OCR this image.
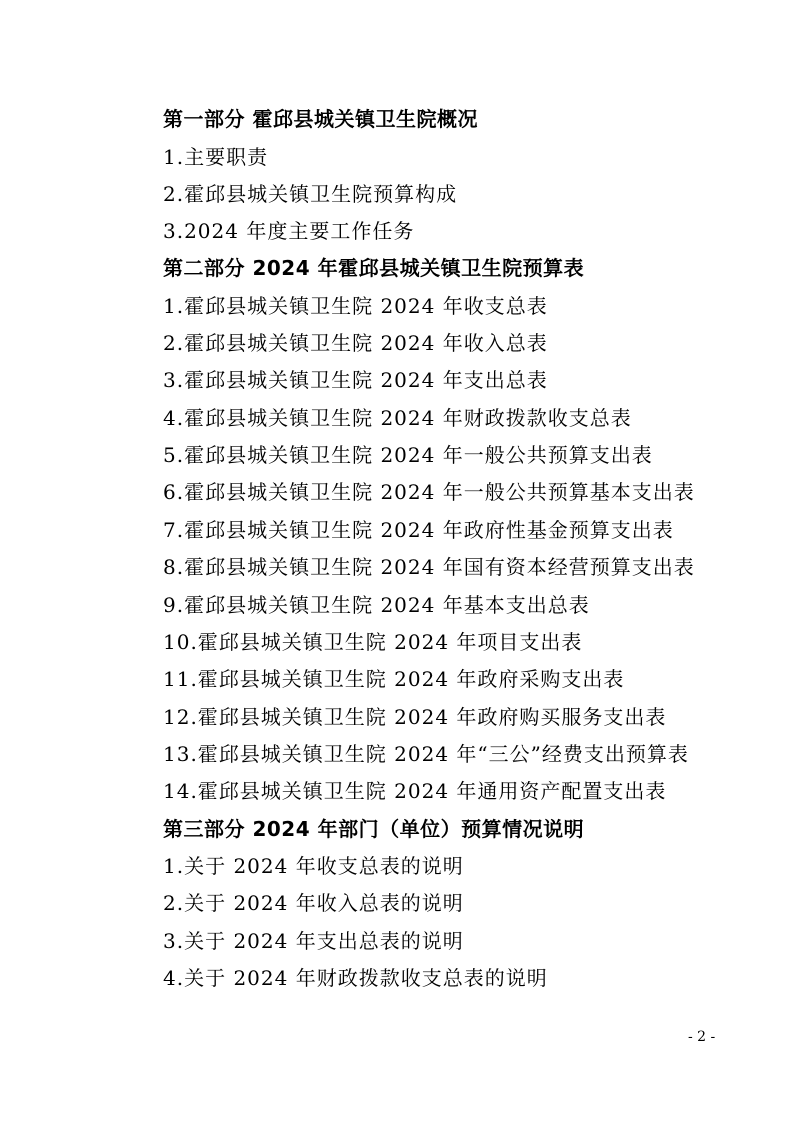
第一部分 霍邱县城关镇卫生院概况
1.主要职责
2.霍邱县城关镇卫生院预算构成
3.2024 年度主要工作任务
第二部分 2024 年霍邱县城关镇卫生院预算表
1.霍邱县城关镇卫生院 2024 年收支总表
2.霍邱县城关镇卫生院 2024 年收入总表
3.霍邱县城关镇卫生院 2024 年支出总表
4.霍邱县城关镇卫生院 2024 年财政拨款收支总表
5.霍邱县城关镇卫生院 2024 年一般公共预算支出表
6.霍邱县城关镇卫生院 2024 年一般公共预算基本支出表
7.霍邱县城关镇卫生院 2024 年政府性基金预算支出表
8.霍邱县城关镇卫生院 2024 年国有资本经营预算支出表
9.霍邱县城关镇卫生院 2024 年基本支出总表
10.霍邱县城关镇卫生院 2024 年项目支出表
11.霍邱县城关镇卫生院 2024 年政府采购支出表
12.霍邱县城关镇卫生院 2024 年政府购买服务支出表
13.霍邱县城关镇卫生院 2024 年“三公”经费支出预算表
14.霍邱县城关镇卫生院 2024 年通用资产配置支出表
第三部分 2024 年部门（单位）预算情况说明
1.关于 2024 年收支总表的说明
2.关于 2024 年收入总表的说明
3.关于 2024 年支出总表的说明
4.关于 2024 年财政拨款收支总表的说明
- 2 -
